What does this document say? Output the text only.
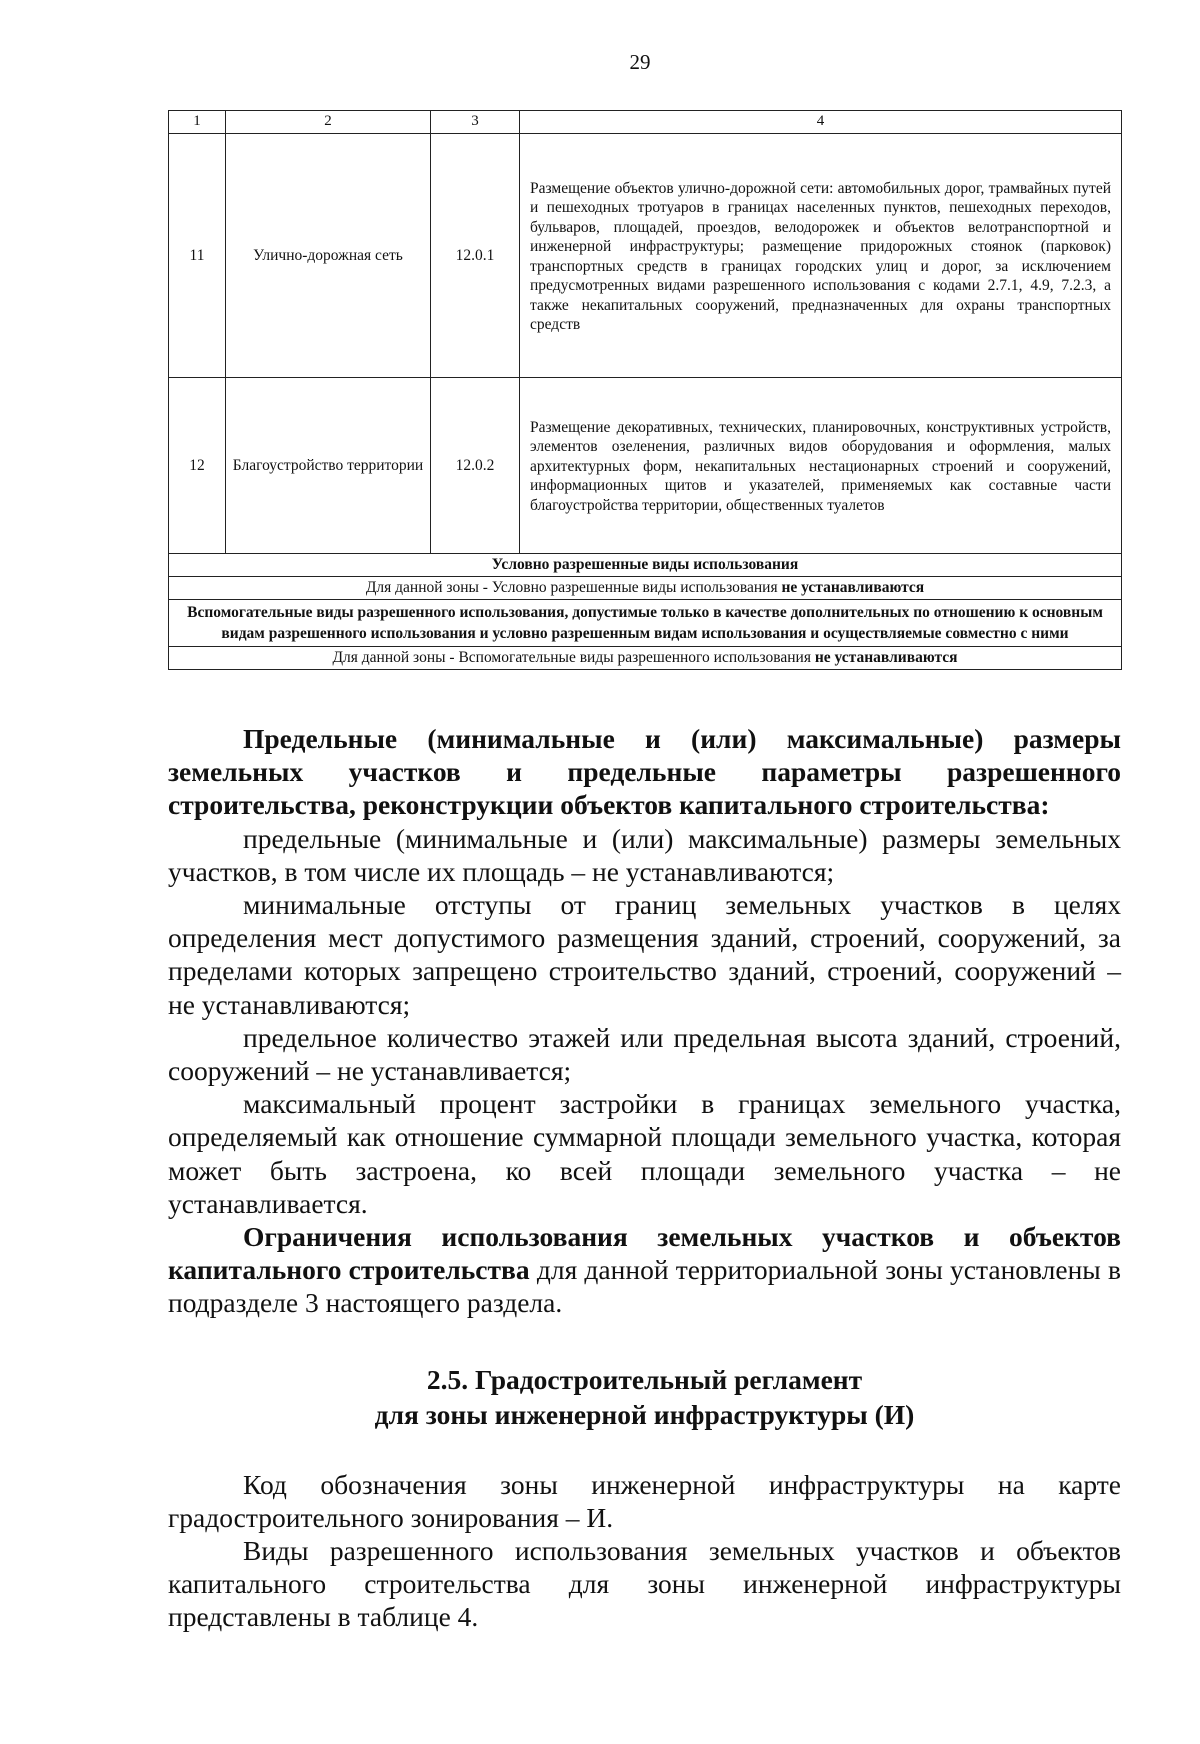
29
1	2	3	4
11	Улично-дорожная сеть	12.0.1	Размещение объектов улично-дорожной сети: автомобильных дорог, трамвайных путей и пешеходных тротуаров в границах населенных пунктов, пешеходных переходов, бульваров, площадей, проездов, велодорожек и объектов велотранспортной и инженерной инфраструктуры; размещение придорожных стоянок (парковок) транспортных средств в границах городских улиц и дорог, за исключением предусмотренных видами разрешенного использования с кодами 2.7.1, 4.9, 7.2.3, а также некапитальных сооружений, предназначенных для охраны транспортных средств
12	Благоустройство территории	12.0.2	Размещение декоративных, технических, планировочных, конструктивных устройств, элементов озеленения, различных видов оборудования и оформления, малых архитектурных форм, некапитальных нестационарных строений и сооружений, информационных щитов и указателей, применяемых как составные части благоустройства территории, общественных туалетов
Условно разрешенные виды использования			
Для данной зоны - Условно разрешенные виды использования не устанавливаются			
Вспомогательные виды разрешенного использования, допустимые только в качестве дополнительных по отношению к основным видам разрешенного использования и условно разрешенным видам использования и осуществляемые совместно с ними			
Для данной зоны - Вспомогательные виды разрешенного использования не устанавливаются			

Предельные (минимальные и (или) максимальные) размеры земельных участков и предельные параметры разрешенного строительства, реконструкции объектов капитального строительства:

предельные (минимальные и (или) максимальные) размеры земельных участков, в том числе их площадь – не устанавливаются;

минимальные отступы от границ земельных участков в целях определения мест допустимого размещения зданий, строений, сооружений, за пределами которых запрещено строительство зданий, строений, сооружений – не устанавливаются;

предельное количество этажей или предельная высота зданий, строений, сооружений – не устанавливается;

максимальный процент застройки в границах земельного участка, определяемый как отношение суммарной площади земельного участка, которая может быть застроена, ко всей площади земельного участка – не устанавливается.

Ограничения использования земельных участков и объектов капитального строительства для данной территориальной зоны установлены в подразделе 3 настоящего раздела.

2.5. Градостроительный регламент

для зоны инженерной инфраструктуры (И)

Код обозначения зоны инженерной инфраструктуры на карте градостроительного зонирования – И.

Виды разрешенного использования земельных участков и объектов капитального строительства для зоны инженерной инфраструктуры представлены в таблице 4.
